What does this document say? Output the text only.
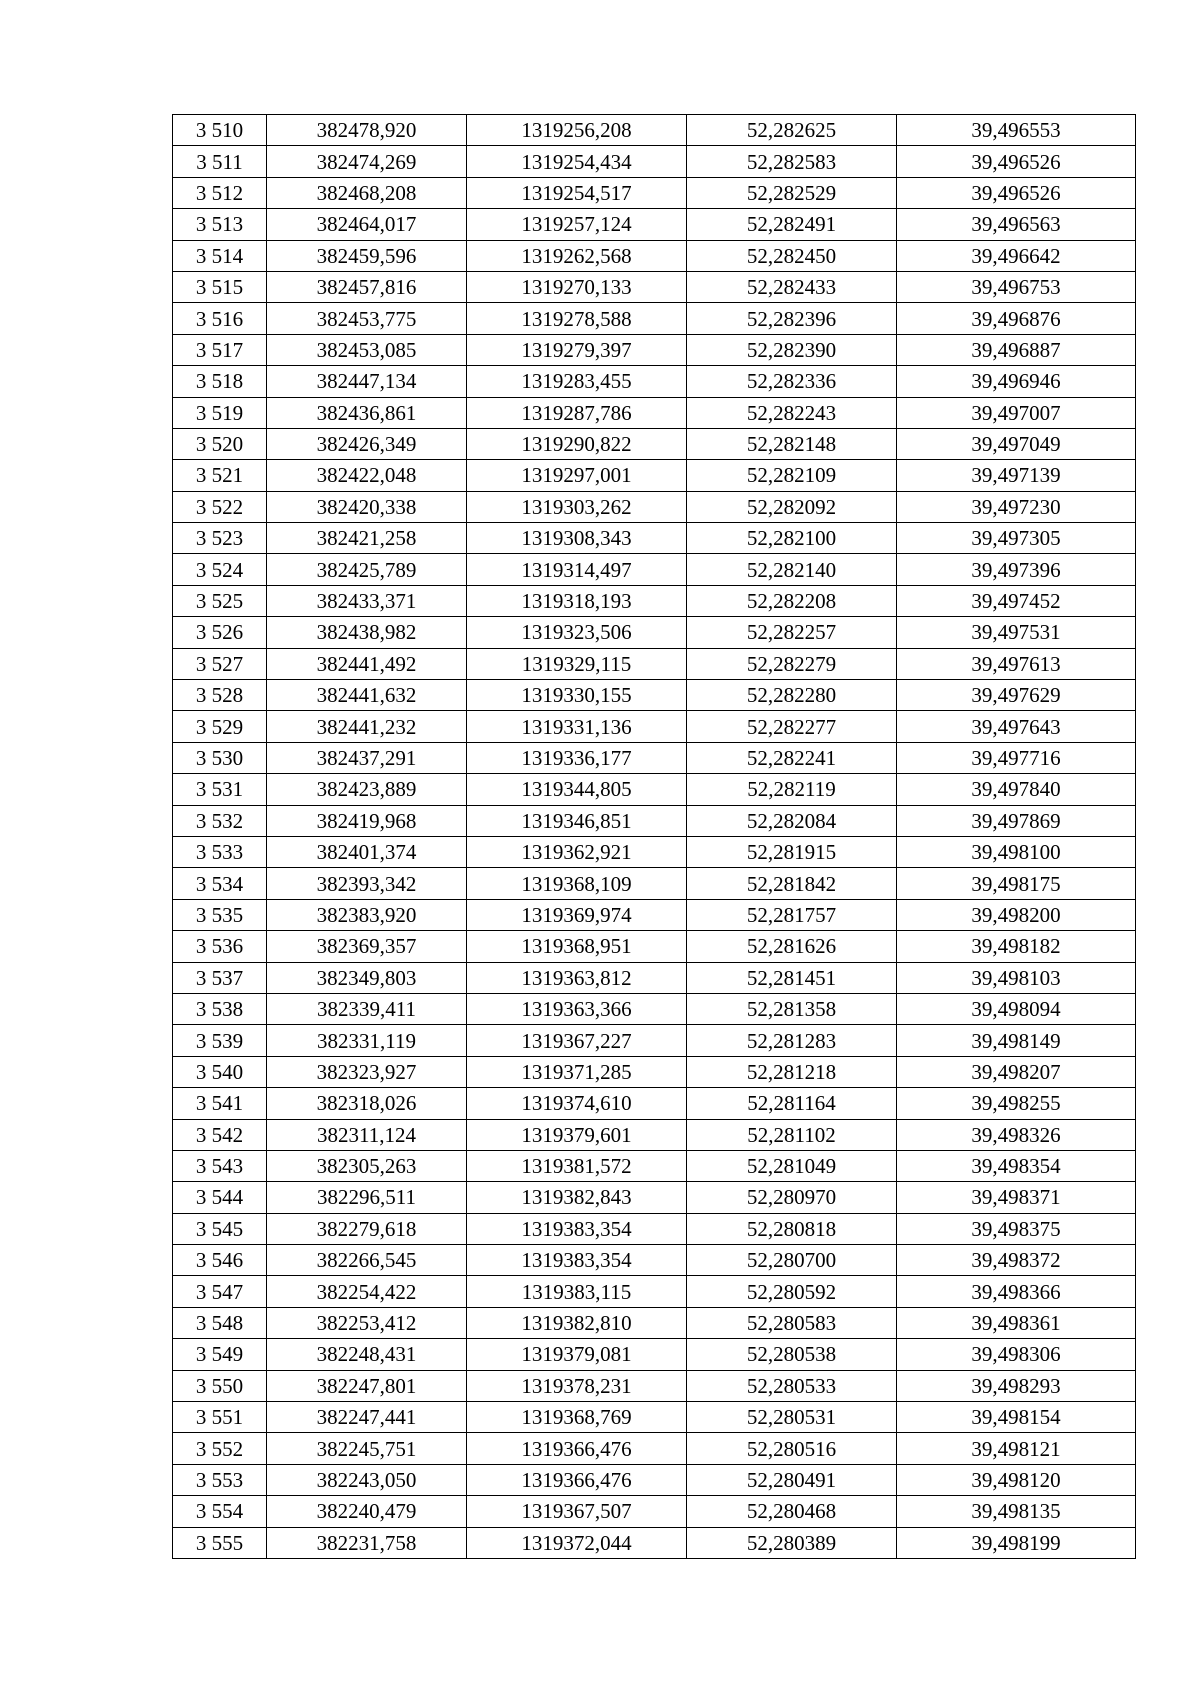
3 510	382478,920	1319256,208	52,282625	39,496553
3 511	382474,269	1319254,434	52,282583	39,496526
3 512	382468,208	1319254,517	52,282529	39,496526
3 513	382464,017	1319257,124	52,282491	39,496563
3 514	382459,596	1319262,568	52,282450	39,496642
3 515	382457,816	1319270,133	52,282433	39,496753
3 516	382453,775	1319278,588	52,282396	39,496876
3 517	382453,085	1319279,397	52,282390	39,496887
3 518	382447,134	1319283,455	52,282336	39,496946
3 519	382436,861	1319287,786	52,282243	39,497007
3 520	382426,349	1319290,822	52,282148	39,497049
3 521	382422,048	1319297,001	52,282109	39,497139
3 522	382420,338	1319303,262	52,282092	39,497230
3 523	382421,258	1319308,343	52,282100	39,497305
3 524	382425,789	1319314,497	52,282140	39,497396
3 525	382433,371	1319318,193	52,282208	39,497452
3 526	382438,982	1319323,506	52,282257	39,497531
3 527	382441,492	1319329,115	52,282279	39,497613
3 528	382441,632	1319330,155	52,282280	39,497629
3 529	382441,232	1319331,136	52,282277	39,497643
3 530	382437,291	1319336,177	52,282241	39,497716
3 531	382423,889	1319344,805	52,282119	39,497840
3 532	382419,968	1319346,851	52,282084	39,497869
3 533	382401,374	1319362,921	52,281915	39,498100
3 534	382393,342	1319368,109	52,281842	39,498175
3 535	382383,920	1319369,974	52,281757	39,498200
3 536	382369,357	1319368,951	52,281626	39,498182
3 537	382349,803	1319363,812	52,281451	39,498103
3 538	382339,411	1319363,366	52,281358	39,498094
3 539	382331,119	1319367,227	52,281283	39,498149
3 540	382323,927	1319371,285	52,281218	39,498207
3 541	382318,026	1319374,610	52,281164	39,498255
3 542	382311,124	1319379,601	52,281102	39,498326
3 543	382305,263	1319381,572	52,281049	39,498354
3 544	382296,511	1319382,843	52,280970	39,498371
3 545	382279,618	1319383,354	52,280818	39,498375
3 546	382266,545	1319383,354	52,280700	39,498372
3 547	382254,422	1319383,115	52,280592	39,498366
3 548	382253,412	1319382,810	52,280583	39,498361
3 549	382248,431	1319379,081	52,280538	39,498306
3 550	382247,801	1319378,231	52,280533	39,498293
3 551	382247,441	1319368,769	52,280531	39,498154
3 552	382245,751	1319366,476	52,280516	39,498121
3 553	382243,050	1319366,476	52,280491	39,498120
3 554	382240,479	1319367,507	52,280468	39,498135
3 555	382231,758	1319372,044	52,280389	39,498199
